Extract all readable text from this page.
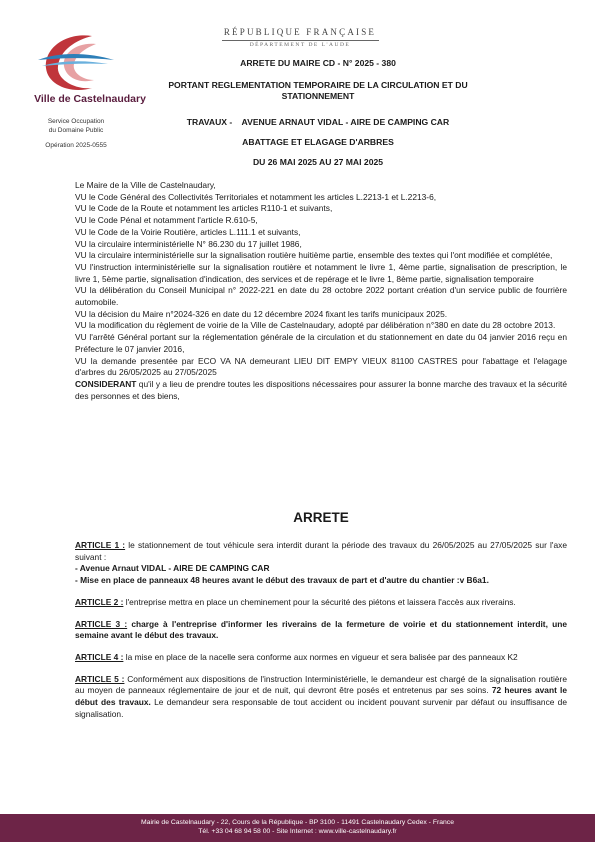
Ville de Castelnaudary
Service Occupation
du Domaine Public
Opération 2025-0555
RÉPUBLIQUE FRANÇAISE
DÉPARTEMENT DE L'AUDE
ARRETE DU MAIRE CD - N° 2025 - 380
PORTANT REGLEMENTATION TEMPORAIRE DE LA CIRCULATION ET DU
STATIONNEMENT
TRAVAUX -    AVENUE ARNAUT VIDAL - AIRE DE CAMPING CAR
ABATTAGE ET ELAGAGE D'ARBRES
DU 26 MAI 2025 AU 27 MAI 2025

Le Maire de la Ville de Castelnaudary,

VU le Code Général des Collectivités Territoriales et notamment les articles L.2213-1 et L.2213-6,

VU le Code de la Route et notamment les articles R110-1 et suivants,

VU le Code Pénal et notamment l'article R.610-5,

VU le Code de la Voirie Routière, articles L.111.1 et suivants,

VU la circulaire interministérielle N° 86.230 du 17 juillet 1986,

VU la circulaire interministérielle sur la signalisation routière huitième partie, ensemble des textes qui l'ont modifiée et complétée,

VU l'instruction interministérielle sur la signalisation routière et notamment le livre 1, 4ème partie, signalisation de prescription, le livre 1, 5ème partie, signalisation d'indication, des services et de repérage et le livre 1, 8ème partie, signalisation temporaire

VU la délibération du Conseil Municipal n° 2022-221 en date du 28 octobre 2022 portant création d'un service public de fourrière automobile.

VU la décision du Maire n°2024-326 en date du 12 décembre 2024 fixant les tarifs municipaux 2025.

VU la modification du règlement de voirie de la Ville de Castelnaudary, adopté par délibération n°380 en date du 28 octobre 2013.

VU l'arrêté Général portant sur la réglementation générale de la circulation et du stationnement en date du 04 janvier 2016 reçu en Préfecture le 07 janvier 2016,

VU la demande presentée par ECO VA NA demeurant LIEU DIT EMPY VIEUX 81100 CASTRES pour l'abattage et l'elagage d'arbres du 26/05/2025 au 27/05/2025

CONSIDERANT qu'il y a lieu de prendre toutes les dispositions nécessaires pour assurer la bonne marche des travaux et la sécurité des personnes et des biens,

ARRETE

ARTICLE 1 : le stationnement de tout véhicule sera interdit durant la période des travaux du 26/05/2025 au 27/05/2025 sur l'axe suivant :
- Avenue Arnaut VIDAL - AIRE DE CAMPING CAR
- Mise en place de panneaux 48 heures avant le début des travaux de part et d'autre du chantier :v B6a1.

ARTICLE 2 : l'entreprise mettra en place un cheminement pour la sécurité des piétons et laissera l'accès aux riverains.

ARTICLE 3 : charge à l'entreprise d'informer les riverains de la fermeture de voirie et du stationnement interdit, une semaine avant le début des travaux.

ARTICLE 4 : la mise en place de la nacelle sera conforme aux normes en vigueur et sera balisée par des panneaux K2

ARTICLE 5 : Conformément aux dispositions de l'instruction Interministérielle, le demandeur est chargé de la signalisation routière au moyen de panneaux réglementaire de jour et de nuit, qui devront être posés et entretenus par ses soins. 72 heures avant le début des travaux. Le demandeur sera responsable de tout accident ou incident pouvant survenir par défaut ou insuffisance de signalisation.

Mairie de Castelnaudary - 22, Cours de la République - BP 3100 - 11491 Castelnaudary Cedex - France
Tél. +33 04 68 94 58 00 - Site Internet : www.ville-castelnaudary.fr
